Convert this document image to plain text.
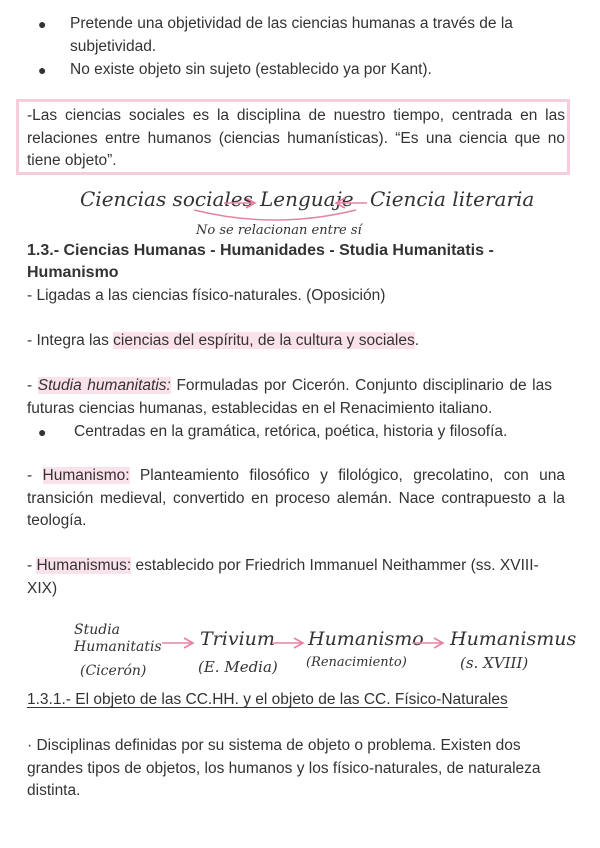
● Pretende una objetividad de las ciencias humanas a través de la subjetividad.
● No existe objeto sin sujeto (establecido ya por Kant).
-Las ciencias sociales es la disciplina de nuestro tiempo, centrada en las relaciones entre humanos (ciencias humanísticas). “Es una ciencia que no tiene objeto”.
Ciencias sociales Lenguaje Ciencia literaria
No se relacionan entre sí
1.3.- Ciencias Humanas - Humanidades - Studia Humanitatis - Humanismo
- Ligadas a las ciencias físico-naturales. (Oposición)
- Integra las ciencias del espíritu, de la cultura y sociales.
- Studia humanitatis: Formuladas por Cicerón. Conjunto disciplinario de las futuras ciencias humanas, establecidas en el Renacimiento italiano.
● Centradas en la gramática, retórica, poética, historia y filosofía.
- Humanismo: Planteamiento filosófico y filológico, grecolatino, con una transición medieval, convertido en proceso alemán. Nace contrapuesto a la teología.
- Humanismus: establecido por Friedrich Immanuel Neithammer (ss. XVIII-XIX)
Studia Humanitatis
(Cicerón)
Trivium
(E. Media)
Humanismo
(Renacimiento)
Humanismus
(s. XVIII)
1.3.1.- El objeto de las CC.HH. y el objeto de las CC. Físico-Naturales
· Disciplinas definidas por su sistema de objeto o problema. Existen dos grandes tipos de objetos, los humanos y los físico-naturales, de naturaleza distinta.
